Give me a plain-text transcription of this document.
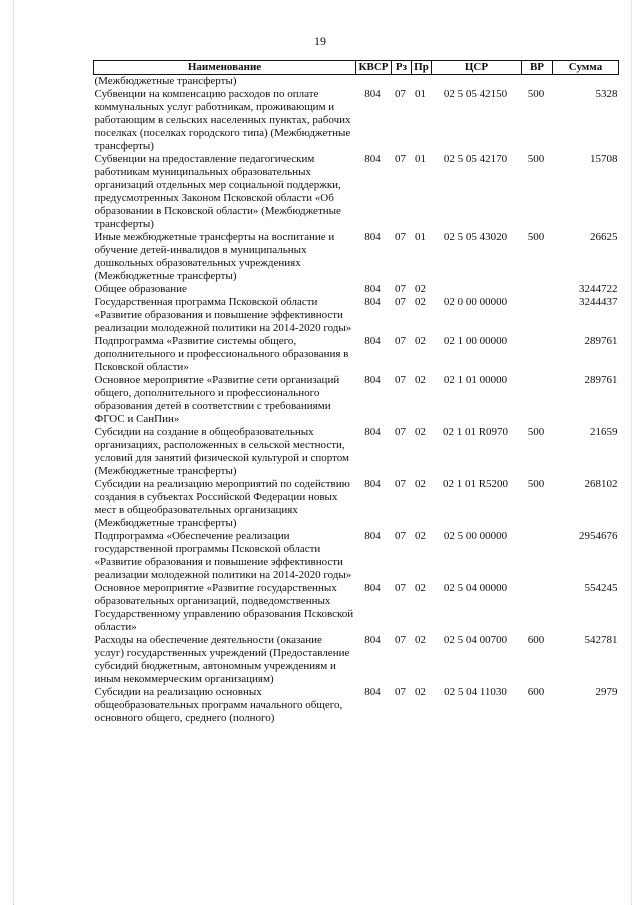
19
Наименование	КВСР	Рз	Пр	ЦСР	ВР	Сумма
(Межбюджетные трансферты)						
Субвенции на компенсацию расходов по оплате коммунальных услуг работникам, проживающим и работающим в сельских населенных пунктах, рабочих поселках (поселках городского типа) (Межбюджетные трансферты)	804	07	01	02 5 05 42150	500	5328
Субвенции на предоставление педагогическим работникам муниципальных образовательных организаций отдельных мер социальной поддержки, предусмотренных Законом Псковской области «Об образовании в Псковской области» (Межбюджетные трансферты)	804	07	01	02 5 05 42170	500	15708
Иные межбюджетные трансферты на воспитание и обучение детей-инвалидов в муниципальных дошкольных образовательных учреждениях (Межбюджетные трансферты)	804	07	01	02 5 05 43020	500	26625
Общее образование	804	07	02			3244722
Государственная программа Псковской области «Развитие образования и повышение эффективности реализации молодежной политики на 2014-2020 годы»	804	07	02	02 0 00 00000		3244437
Подпрограмма «Развитие системы общего, дополнительного и профессионального образования в Псковской области»	804	07	02	02 1 00 00000		289761
Основное мероприятие «Развитие сети организаций общего, дополнительного и профессионального образования детей в соответствии с требованиями ФГОС и СанПин»	804	07	02	02 1 01 00000		289761
Субсидии на создание в общеобразовательных организациях, расположенных в сельской местности, условий для занятий физической культурой и спортом (Межбюджетные трансферты)	804	07	02	02 1 01 R0970	500	21659
Субсидии на реализацию мероприятий по содействию создания в субъектах Российской Федерации новых мест в общеобразовательных организациях (Межбюджетные трансферты)	804	07	02	02 1 01 R5200	500	268102
Подпрограмма «Обеспечение реализации государственной программы Псковской области «Развитие образования и повышение эффективности реализации молодежной политики на 2014-2020 годы»	804	07	02	02 5 00 00000		2954676
Основное мероприятие «Развитие государственных образовательных организаций, подведомственных Государственному управлению образования Псковской области»	804	07	02	02 5 04 00000		554245
Расходы на обеспечение деятельности (оказание услуг) государственных учреждений (Предоставление субсидий бюджетным, автономным учреждениям и иным некоммерческим организациям)	804	07	02	02 5 04 00700	600	542781
Субсидии на реализацию основных общеобразовательных программ начального общего, основного общего, среднего (полного)	804	07	02	02 5 04 11030	600	2979
